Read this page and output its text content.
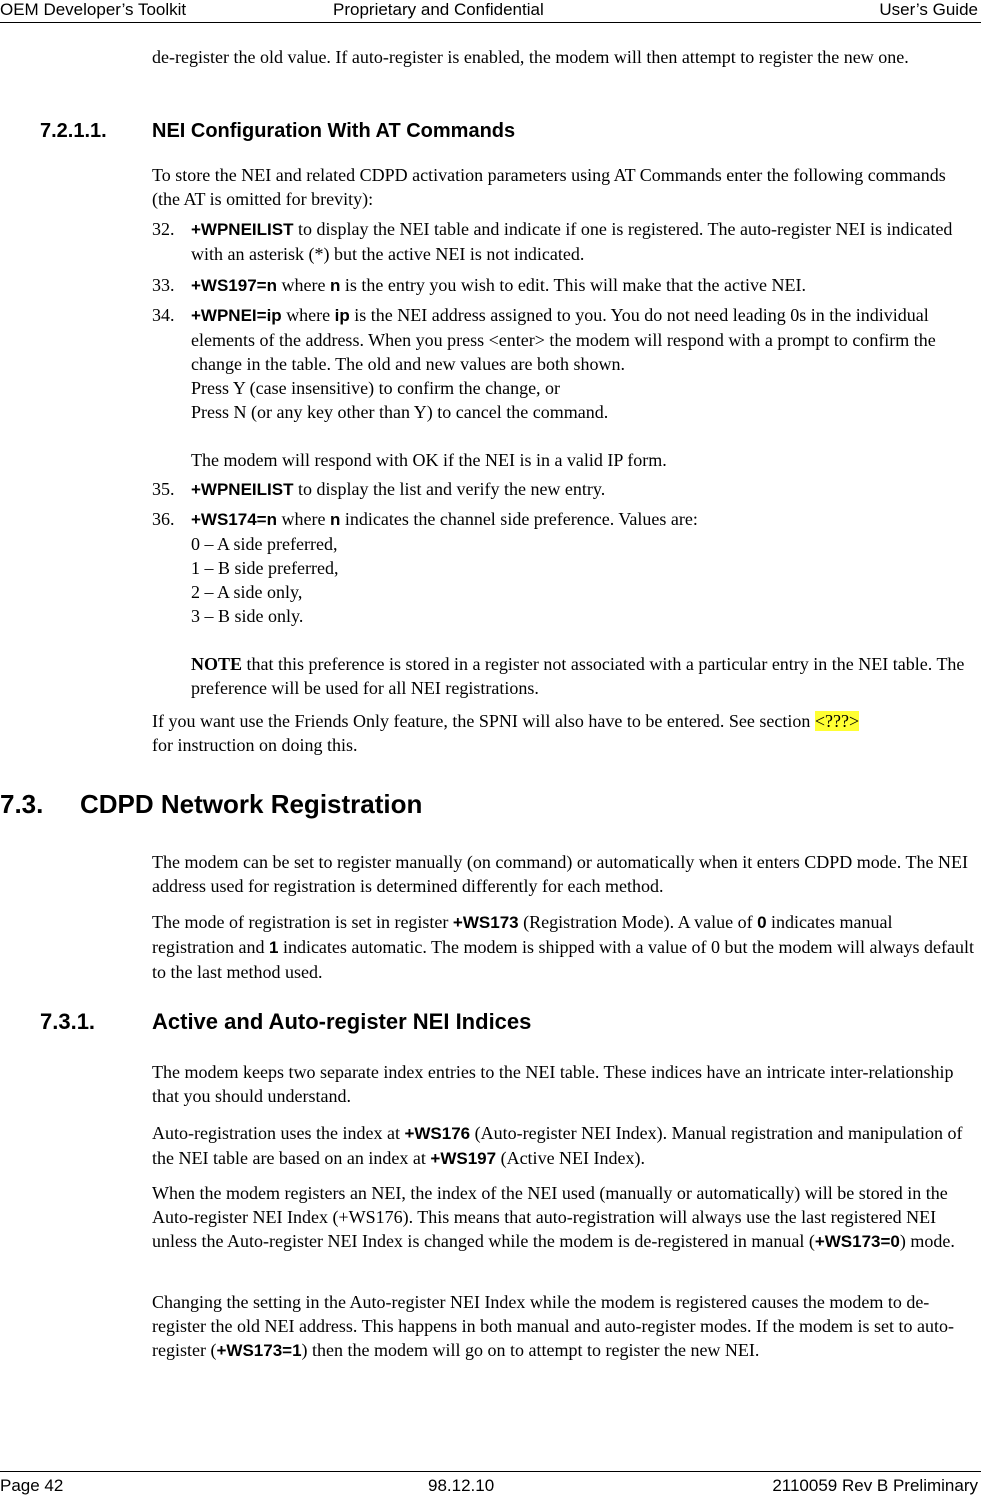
OEM Developer’s Toolkit	Proprietary and Confidential	User’s Guide

de-register the old value. If auto-register is enabled, the modem will then attempt to register the new one.

7.2.1.1. NEI Configuration With AT Commands

To store the NEI and related CDPD activation parameters using AT Commands enter the following commands (the AT is omitted for brevity):

32. +WPNEILIST to display the NEI table and indicate if one is registered. The auto-register NEI is indicated with an asterisk (*) but the active NEI is not indicated.
33. +WS197=n where n is the entry you wish to edit. This will make that the active NEI.
34. +WPNEI=ip where ip is the NEI address assigned to you. You do not need leading 0s in the individual elements of the address. When you press <enter> the modem will respond with a prompt to confirm the change in the table. The old and new values are both shown.
Press Y (case insensitive) to confirm the change, or
Press N (or any key other than Y) to cancel the command.
The modem will respond with OK if the NEI is in a valid IP form.
35. +WPNEILIST to display the list and verify the new entry.
36. +WS174=n where n indicates the channel side preference. Values are:
0 – A side preferred,
1 – B side preferred,
2 – A side only,
3 – B side only.
NOTE that this preference is stored in a register not associated with a particular entry in the NEI table. The preference will be used for all NEI registrations.

If you want use the Friends Only feature, the SPNI will also have to be entered. See section <???>
for instruction on doing this.

7.3. CDPD Network Registration

The modem can be set to register manually (on command) or automatically when it enters CDPD mode. The NEI address used for registration is determined differently for each method.

The mode of registration is set in register +WS173 (Registration Mode). A value of 0 indicates manual registration and 1 indicates automatic. The modem is shipped with a value of 0 but the modem will always default to the last method used.

7.3.1.	Active and Auto-register NEI Indices

The modem keeps two separate index entries to the NEI table. These indices have an intricate inter-relationship that you should understand.

Auto-registration uses the index at +WS176 (Auto-register NEI Index). Manual registration and manipulation of the NEI table are based on an index at +WS197 (Active NEI Index).

When the modem registers an NEI, the index of the NEI used (manually or automatically) will be stored in the Auto-register NEI Index (+WS176). This means that auto-registration will always use the last registered NEI unless the Auto-register NEI Index is changed while the modem is de-registered in manual (+WS173=0) mode.

Changing the setting in the Auto-register NEI Index while the modem is registered causes the modem to de-register the old NEI address. This happens in both manual and auto-register modes. If the modem is set to auto-register (+WS173=1) then the modem will go on to attempt to register the new NEI.

Page 42	98.12.10	2110059 Rev B Preliminary
